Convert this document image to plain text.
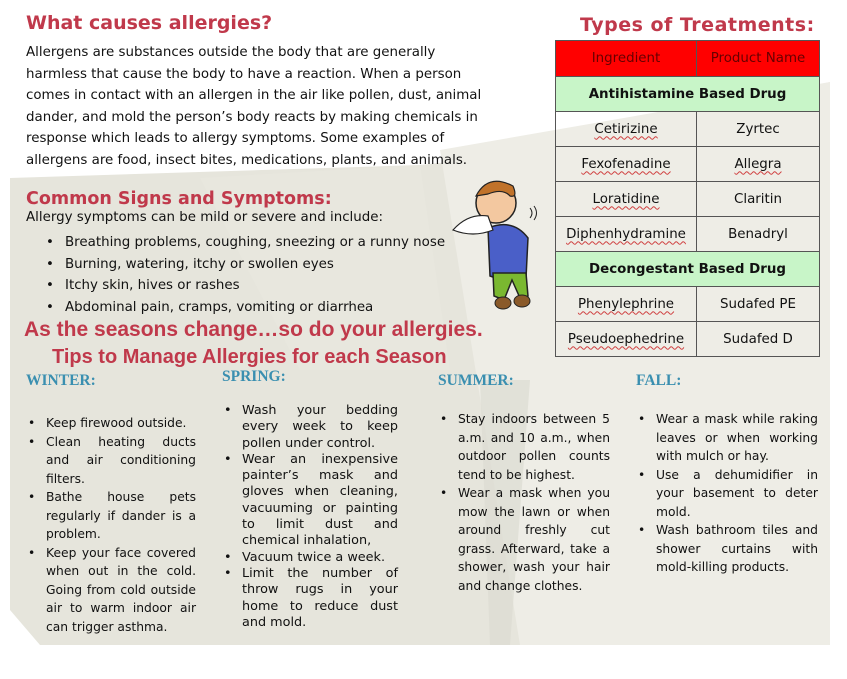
What causes allergies?
Allergens are substances outside the body that are generally harmless that cause the body to have a reaction. When a person comes in contact with an allergen in the air like pollen, dust, animal dander, and mold the person’s body reacts by making chemicals in response which leads to allergy symptoms. Some examples of allergens are food, insect bites, medications, plants, and animals.
Common Signs and Symptoms:
Allergy symptoms can be mild or severe and include:
• Breathing problems, coughing, sneezing or a runny nose
• Burning, watering, itchy or swollen eyes
• Itchy skin, hives or rashes
• Abdominal pain, cramps, vomiting or diarrhea
As the seasons change…so do your allergies.
Tips to Manage Allergies for each Season
Types of Treatments:
Ingredient	Product Name
Antihistamine Based Drug	
Cetirizine	Zyrtec
Fexofenadine	Allegra
Loratidine	Claritin
Diphenhydramine	Benadryl
Decongestant Based Drug	
Phenylephrine	Sudafed PE
Pseudoephedrine	Sudafed D
WINTER:
• Keep firewood outside.
• Clean heating ducts and air conditioning filters.
• Bathe house pets regularly if dander is a problem.
• Keep your face covered when out in the cold. Going from cold outside air to warm indoor air can trigger asthma.
SPRING:
• Wash your bedding every week to keep pollen under control.
• Wear an inexpensive painter’s mask and gloves when cleaning, vacuuming or painting to limit dust and chemical inhalation,
• Vacuum twice a week.
• Limit the number of throw rugs in your home to reduce dust and mold.
SUMMER:
• Stay indoors between 5 a.m. and 10 a.m., when outdoor pollen counts tend to be highest.
• Wear a mask when you mow the lawn or when around freshly cut grass. Afterward, take a shower, wash your hair and change clothes.
FALL:
• Wear a mask while raking leaves or when working with mulch or hay.
• Use a dehumidifier in your basement to deter mold.
• Wash bathroom tiles and shower curtains with mold-killing products.
